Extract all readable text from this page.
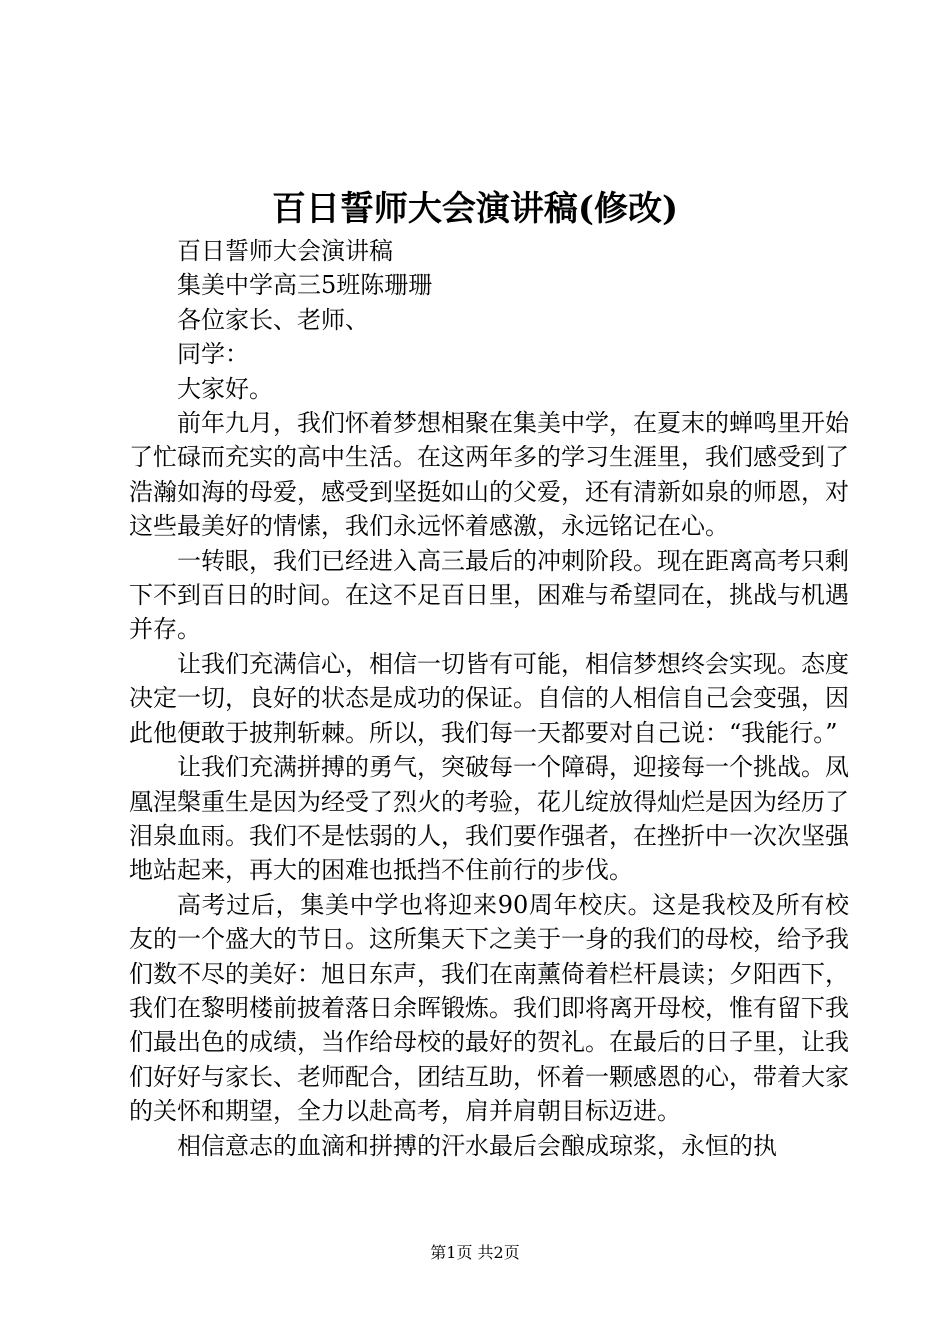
百日誓师大会演讲稿(修改)

百日誓师大会演讲稿

集美中学高三5班陈珊珊

各位家长、老师、

同学：

大家好。

前年九月，我们怀着梦想相聚在集美中学，在夏末的蝉鸣里开始了忙碌而充实的高中生活。在这两年多的学习生涯里，我们感受到了浩瀚如海的母爱，感受到坚挺如山的父爱，还有清新如泉的师恩，对这些最美好的情愫，我们永远怀着感激，永远铭记在心。

一转眼，我们已经进入高三最后的冲刺阶段。现在距离高考只剩下不到百日的时间。在这不足百日里，困难与希望同在，挑战与机遇并存。

让我们充满信心，相信一切皆有可能，相信梦想终会实现。态度决定一切，良好的状态是成功的保证。自信的人相信自己会变强，因此他便敢于披荆斩棘。所以，我们每一天都要对自己说：“我能行。”

让我们充满拼搏的勇气，突破每一个障碍，迎接每一个挑战。凤凰涅槃重生是因为经受了烈火的考验，花儿绽放得灿烂是因为经历了泪泉血雨。我们不是怯弱的人，我们要作强者，在挫折中一次次坚强地站起来，再大的困难也抵挡不住前行的步伐。

高考过后，集美中学也将迎来90周年校庆。这是我校及所有校友的一个盛大的节日。这所集天下之美于一身的我们的母校，给予我们数不尽的美好：旭日东声，我们在南薰倚着栏杆晨读；夕阳西下，我们在黎明楼前披着落日余晖锻炼。我们即将离开母校，惟有留下我们最出色的成绩，当作给母校的最好的贺礼。在最后的日子里，让我们好好与家长、老师配合，团结互助，怀着一颗感恩的心，带着大家的关怀和期望，全力以赴高考，肩并肩朝目标迈进。

相信意志的血滴和拼搏的汗水最后会酿成琼浆，永恒的执

第1页 共2页
